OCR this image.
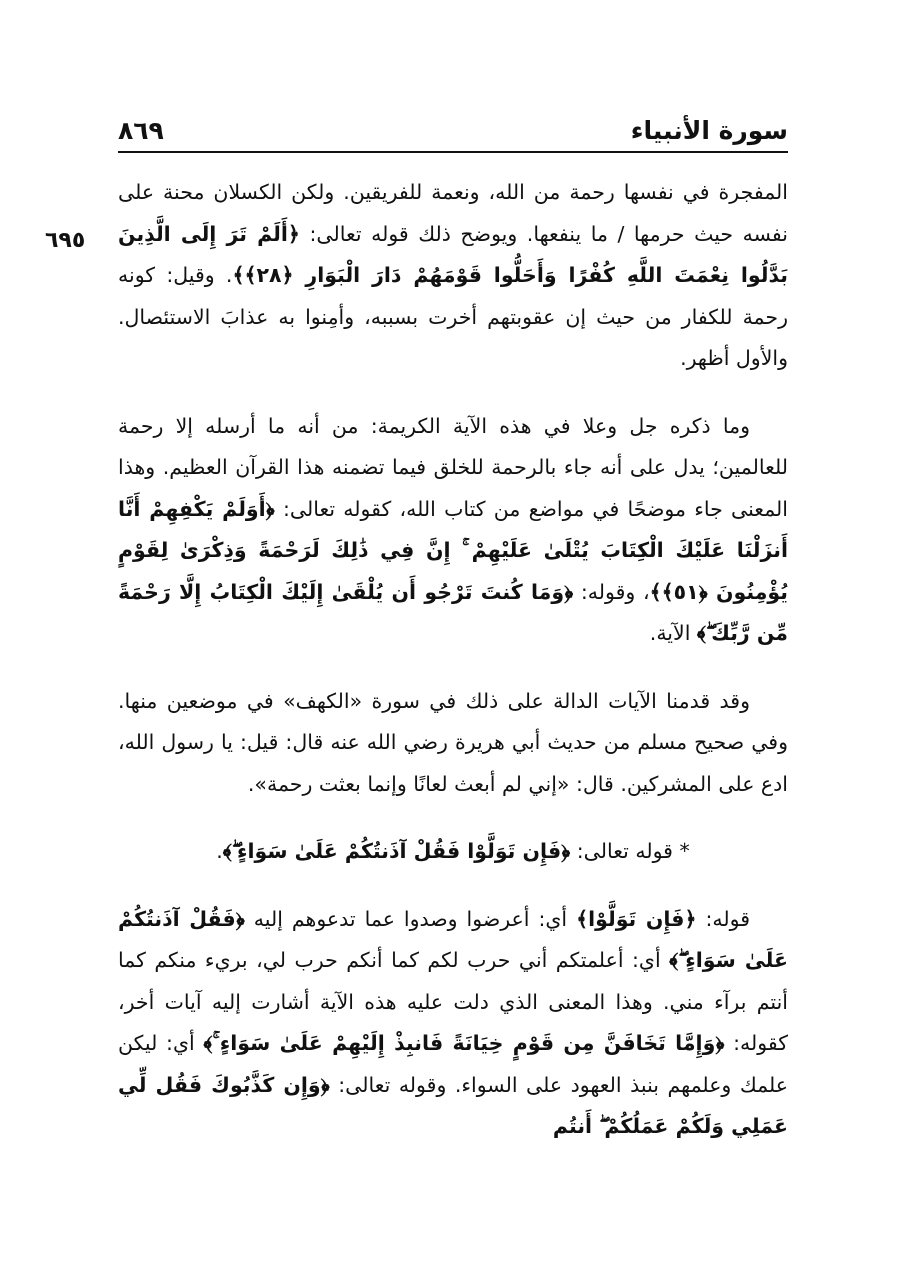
سورة الأنبياء
٨٦٩
٦٩٥

المفجرة في نفسها رحمة من الله، ونعمة للفريقين. ولكن الكسلان محنة على نفسه حيث حرمها / ما ينفعها. ويوضح ذلك قوله تعالى: ﴿أَلَمْ تَرَ إِلَى الَّذِينَ بَدَّلُوا نِعْمَتَ اللَّهِ كُفْرًا وَأَحَلُّوا قَوْمَهُمْ دَارَ الْبَوَارِ ﴿٢٨﴾﴾. وقيل: كونه رحمة للكفار من حيث إن عقوبتهم أخرت بسببه، وأمِنوا به عذابَ الاستئصال. والأول أظهر.

وما ذكره جل وعلا في هذه الآية الكريمة: من أنه ما أرسله إلا رحمة للعالمين؛ يدل على أنه جاء بالرحمة للخلق فيما تضمنه هذا القرآن العظيم. وهذا المعنى جاء موضحًا في مواضع من كتاب الله، كقوله تعالى: ﴿أَوَلَمْ يَكْفِهِمْ أَنَّا أَنزَلْنَا عَلَيْكَ الْكِتَابَ يُتْلَىٰ عَلَيْهِمْ ۚ إِنَّ فِي ذَٰلِكَ لَرَحْمَةً وَذِكْرَىٰ لِقَوْمٍ يُؤْمِنُونَ ﴿٥١﴾﴾، وقوله: ﴿وَمَا كُنتَ تَرْجُو أَن يُلْقَىٰ إِلَيْكَ الْكِتَابُ إِلَّا رَحْمَةً مِّن رَّبِّكَ ۖ﴾ الآية.

وقد قدمنا الآيات الدالة على ذلك في سورة «الكهف» في موضعين منها. وفي صحيح مسلم من حديث أبي هريرة رضي الله عنه قال: قيل: يا رسول الله، ادع على المشركين. قال: «إني لم أبعث لعانًا وإنما بعثت رحمة».

* قوله تعالى: ﴿فَإِن تَوَلَّوْا فَقُلْ آذَنتُكُمْ عَلَىٰ سَوَاءٍ ۖ﴾.

قوله: ﴿فَإِن تَوَلَّوْا﴾ أي: أعرضوا وصدوا عما تدعوهم إليه ﴿فَقُلْ آذَنتُكُمْ عَلَىٰ سَوَاءٍ ۖ﴾ أي: أعلمتكم أني حرب لكم كما أنكم حرب لي، بريء منكم كما أنتم برآء مني. وهذا المعنى الذي دلت عليه هذه الآية أشارت إليه آيات أخر، كقوله: ﴿وَإِمَّا تَخَافَنَّ مِن قَوْمٍ خِيَانَةً فَانبِذْ إِلَيْهِمْ عَلَىٰ سَوَاءٍ ۚ﴾ أي: ليكن علمك وعلمهم بنبذ العهود على السواء. وقوله تعالى: ﴿وَإِن كَذَّبُوكَ فَقُل لِّي عَمَلِي وَلَكُمْ عَمَلُكُمْ ۖ أَنتُم
